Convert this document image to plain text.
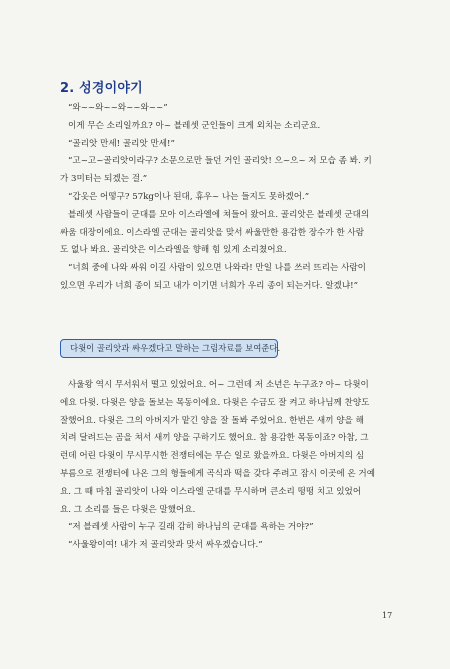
2. 성경이야기
“와~~와~~와~~와~~”
이게 무슨 소리일까요? 아~ 블레셋 군인들이 크게 외치는 소리군요.
“골리앗 만세! 골리앗 만세!”
“고~고~골리앗이라구? 소문으로만 들던 거인 골리앗! 으~으~ 저 모습 좀 봐. 키
가 3미터는 되겠는 걸.”
“갑옷은 어떻구? 57kg이나 된대, 휴우~ 나는 들지도 못하겠어.”
블레셋 사람들이 군대를 모아 이스라엘에 쳐들어 왔어요. 골리앗은 블레셋 군대의
싸움 대장이에요. 이스라엘 군대는 골리앗을 맞서 싸울만한 용감한 장수가 한 사람
도 없나 봐요. 골리앗은 이스라엘을 향해 힘 있게 소리쳤어요.
“너희 중에 나와 싸워 이길 사람이 있으면 나와라! 만일 나를 쓰러 뜨리는 사람이
있으면 우리가 너희 종이 되고 내가 이기면 너희가 우리 종이 되는거다. 알겠냐!”
다윗이 골리앗과 싸우겠다고 말하는 그림자료를 보여준다.
사울왕 역시 무서워서 떨고 있었어요. 어~ 그런데 저 소년은 누구죠? 아~ 다윗이
에요 다윗. 다윗은 양을 돌보는 목동이에요. 다윗은 수금도 잘 켜고 하나님께 찬양도
잘했어요. 다윗은 그의 아버지가 맡긴 양을 잘 돌봐 주었어요. 한번은 새끼 양을 해
치려 달려드는 곰을 쳐서 새끼 양을 구하기도 했어요. 참 용감한 목동이죠? 아참, 그
런데 어린 다윗이 무시무시한 전쟁터에는 무슨 일로 왔을까요. 다윗은 아버지의 심
부름으로 전쟁터에 나온 그의 형들에게 곡식과 떡을 갖다 주려고 잠시 이곳에 온 거예
요. 그 때 마침 골리앗이 나와 이스라엘 군대를 무시하며 큰소리 떵떵 치고 있었어
요. 그 소리를 들은 다윗은 말했어요.
“저 블레셋 사람이 누구 길래 감히 하나님의 군대를 욕하는 거야?”
“사울왕이여! 내가 저 골리앗과 맞서 싸우겠습니다.”
17
